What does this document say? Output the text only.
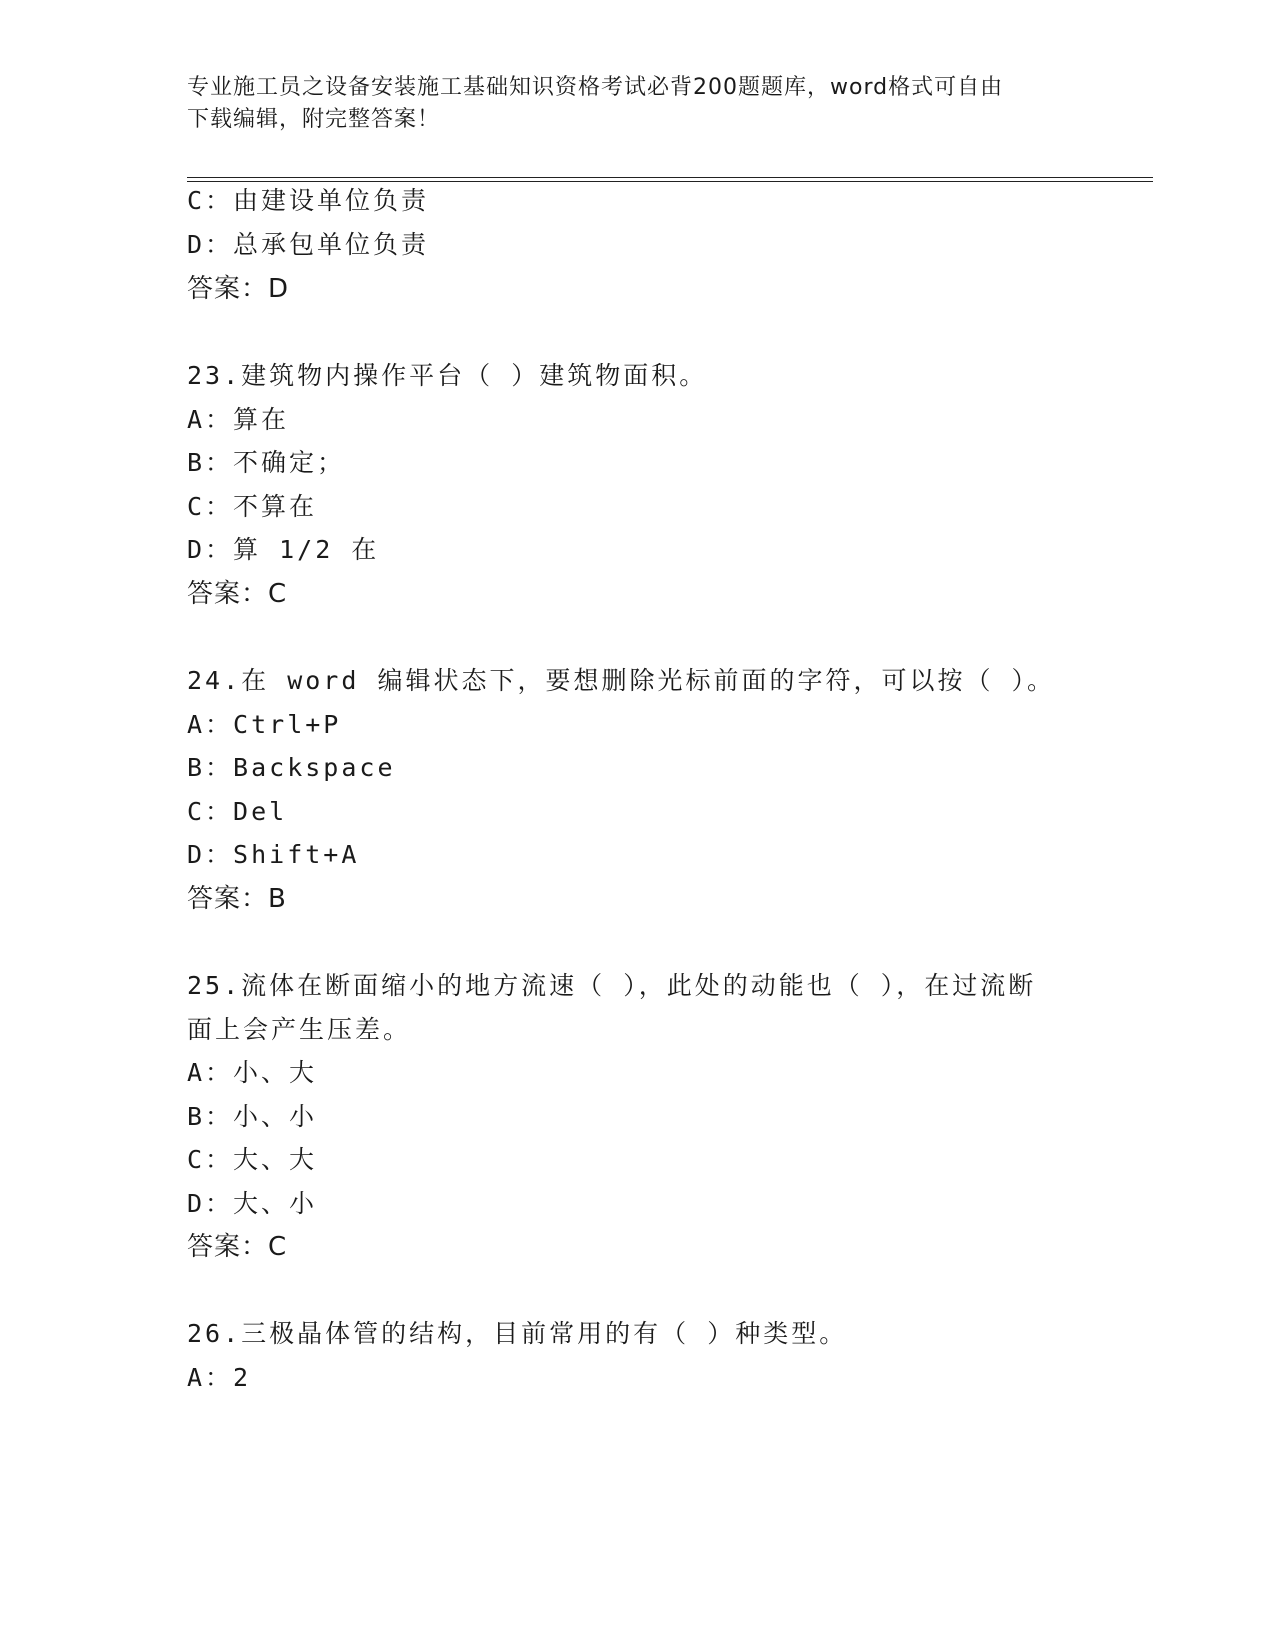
专业施工员之设备安装施工基础知识资格考试必背200题题库，word格式可自由
下载编辑，附完整答案！
C：由建设单位负责
D：总承包单位负责
答案：D
23.建筑物内操作平台（ ）建筑物面积。
A：算在
B：不确定；
C：不算在
D：算 1/2 在
答案：C
24.在 word 编辑状态下，要想删除光标前面的字符，可以按（ ）。
A：Ctrl+P
B：Backspace
C：Del
D：Shift+A
答案：B
25.流体在断面缩小的地方流速（ ），此处的动能也（ ），在过流断
面上会产生压差。
A：小、大
B：小、小
C：大、大
D：大、小
答案：C
26.三极晶体管的结构，目前常用的有（ ）种类型。
A：2
